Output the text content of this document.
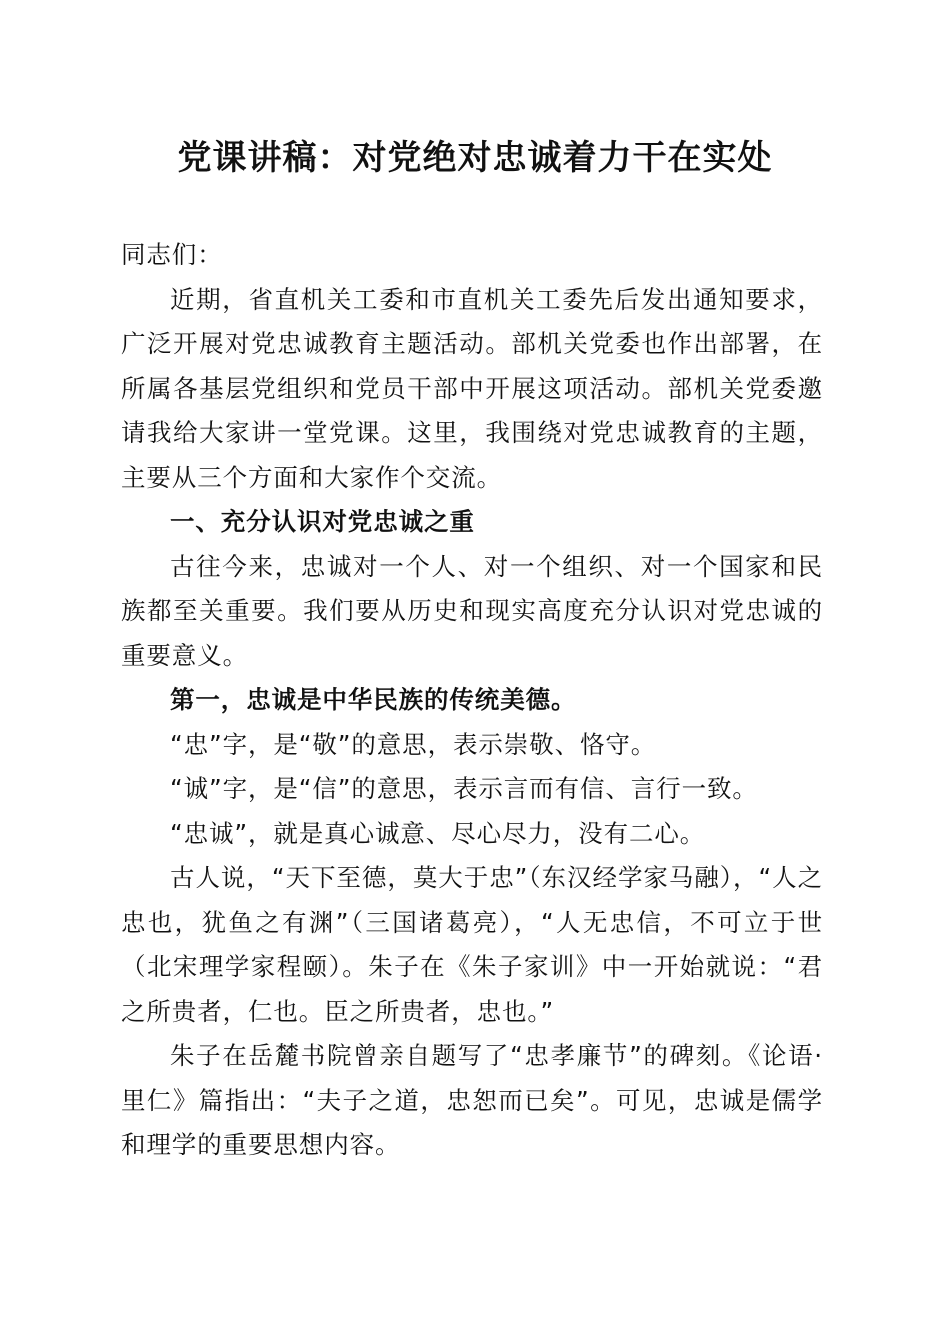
党课讲稿：对党绝对忠诚着力干在实处

同志们：

近期，省直机关工委和市直机关工委先后发出通知要求，广泛开展对党忠诚教育主题活动。部机关党委也作出部署，在所属各基层党组织和党员干部中开展这项活动。部机关党委邀请我给大家讲一堂党课。这里，我围绕对党忠诚教育的主题，主要从三个方面和大家作个交流。

一、充分认识对党忠诚之重

古往今来，忠诚对一个人、对一个组织、对一个国家和民族都至关重要。我们要从历史和现实高度充分认识对党忠诚的重要意义。

第一，忠诚是中华民族的传统美德。

“忠”字，是“敬”的意思，表示崇敬、恪守。

“诚”字，是“信”的意思，表示言而有信、言行一致。

“忠诚”，就是真心诚意、尽心尽力，没有二心。

古人说，“天下至德，莫大于忠”（东汉经学家马融），“人之忠也，犹鱼之有渊”（三国诸葛亮），“人无忠信，不可立于世（北宋理学家程颐）。朱子在《朱子家训》中一开始就说：“君之所贵者，仁也。臣之所贵者，忠也。”

朱子在岳麓书院曾亲自题写了“忠孝廉节”的碑刻。《论语·里仁》篇指出：“夫子之道，忠恕而已矣”。可见，忠诚是儒学和理学的重要思想内容。
